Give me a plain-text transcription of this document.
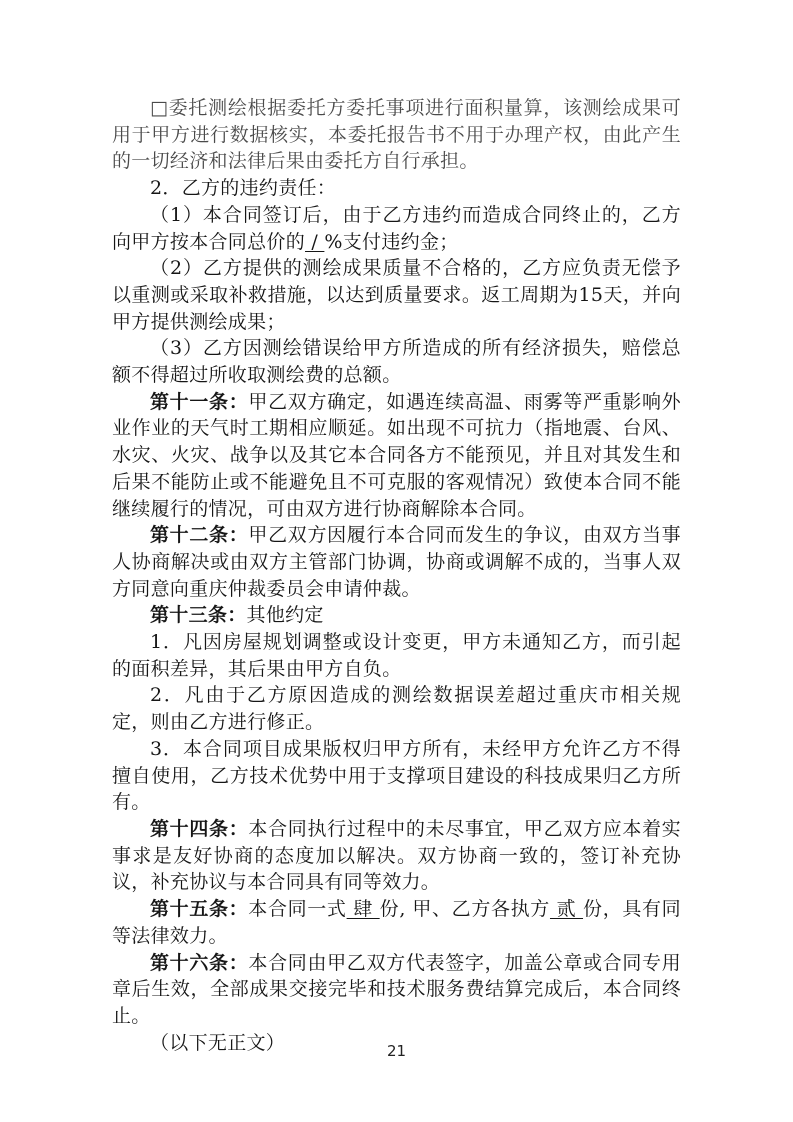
□委托测绘根据委托方委托事项进行面积量算，该测绘成果可用于甲方进行数据核实，本委托报告书不用于办理产权，由此产生的一切经济和法律后果由委托方自行承担。

2．乙方的违约责任：

（1）本合同签订后，由于乙方违约而造成合同终止的，乙方向甲方按本合同总价的 / %支付违约金；

（2）乙方提供的测绘成果质量不合格的，乙方应负责无偿予以重测或采取补救措施，以达到质量要求。返工周期为15天，并向甲方提供测绘成果；

（3）乙方因测绘错误给甲方所造成的所有经济损失，赔偿总额不得超过所收取测绘费的总额。

第十一条：甲乙双方确定，如遇连续高温、雨雾等严重影响外业作业的天气时工期相应顺延。如出现不可抗力（指地震、台风、水灾、火灾、战争以及其它本合同各方不能预见，并且对其发生和后果不能防止或不能避免且不可克服的客观情况）致使本合同不能继续履行的情况，可由双方进行协商解除本合同。

第十二条：甲乙双方因履行本合同而发生的争议，由双方当事人协商解决或由双方主管部门协调，协商或调解不成的，当事人双方同意向重庆仲裁委员会申请仲裁。

第十三条：其他约定

1．凡因房屋规划调整或设计变更，甲方未通知乙方，而引起的面积差异，其后果由甲方自负。

2．凡由于乙方原因造成的测绘数据误差超过重庆市相关规定，则由乙方进行修正。

3．本合同项目成果版权归甲方所有，未经甲方允许乙方不得擅自使用，乙方技术优势中用于支撑项目建设的科技成果归乙方所有。

第十四条：本合同执行过程中的未尽事宜，甲乙双方应本着实事求是友好协商的态度加以解决。双方协商一致的，签订补充协议，补充协议与本合同具有同等效力。

第十五条：本合同一式 肆 份, 甲、乙方各执方 贰 份，具有同等法律效力。

第十六条：本合同由甲乙双方代表签字，加盖公章或合同专用章后生效，全部成果交接完毕和技术服务费结算完成后，本合同终止。

（以下无正文）	21
